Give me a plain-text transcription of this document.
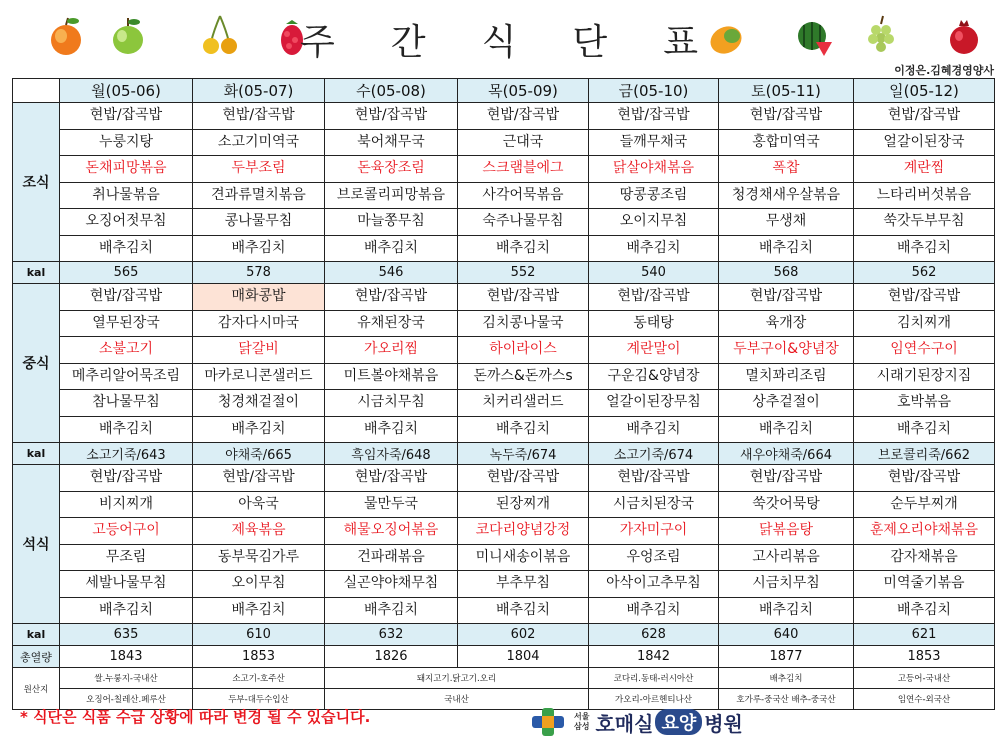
주 간 식 단 표
이정은.김혜경영양사
	월(05-06)	화(05-07)	수(05-08)	목(05-09)	금(05-10)	토(05-11)	일(05-12)
조식	현밥/잡곡밥	현밥/잡곡밥	현밥/잡곡밥	현밥/잡곡밥	현밥/잡곡밥	현밥/잡곡밥	현밥/잡곡밥

	누룽지탕	소고기미역국	북어채무국	근대국	들깨무채국	홍합미역국	얼갈이된장국

	돈채피망볶음	두부조림	돈육장조림	스크램블에그	닭살야채볶음	폭찹	계란찜

	취나물볶음	견과류멸치볶음	브로콜리피망볶음	사각어묵볶음	땅콩콩조림	청경채새우살볶음	느타리버섯볶음

	오징어젓무침	콩나물무침	마늘쫑무침	숙주나물무침	오이지무침	무생채	쑥갓두부무침

	배추김치	배추김치	배추김치	배추김치	배추김치	배추김치	배추김치

kal	565	578	546	552	540	568	562
중식	현밥/잡곡밥	매화콩밥	현밥/잡곡밥	현밥/잡곡밥	현밥/잡곡밥	현밥/잡곡밥	현밥/잡곡밥

	열무된장국	감자다시마국	유채된장국	김치콩나물국	동태탕	육개장	김치찌개

	소불고기	닭갈비	가오리찜	하이라이스	계란말이	두부구이&양념장	임연수구이

	메추리알어묵조림	마카로니콘샐러드	미트볼야채볶음	돈까스&돈까스s	구운김&양념장	멸치꽈리조림	시래기된장지짐

	참나물무침	청경채겉절이	시금치무침	치커리샐러드	얼갈이된장무침	상추겉절이	호박볶음

	배추김치	배추김치	배추김치	배추김치	배추김치	배추김치	배추김치

kal	소고기죽/643	야채죽/665	흑임자죽/648	녹두죽/674	소고기죽/674	새우야채죽/664	브로콜리죽/662
석식	현밥/잡곡밥	현밥/잡곡밥	현밥/잡곡밥	현밥/잡곡밥	현밥/잡곡밥	현밥/잡곡밥	현밥/잡곡밥

	비지찌개	아욱국	물만두국	된장찌개	시금치된장국	쑥갓어묵탕	순두부찌개

	고등어구이	제육볶음	해물오징어볶음	코다리양념강정	가자미구이	닭볶음탕	훈제오리야채볶음

	무조림	동부묵김가루	건파래볶음	미니새송이볶음	우엉조림	고사리볶음	감자채볶음

	세발나물무침	오이무침	실곤약야채무침	부추무침	아삭이고추무침	시금치무침	미역줄기볶음

	배추김치	배추김치	배추김치	배추김치	배추김치	배추김치	배추김치

kal	635	610	632	602	628	640	621
총열량	1843	1853	1826	1804	1842	1877	1853
원산지	쌀.누룽지-국내산	소고기-호주산	돼지고기.닭고기.오리		코다리.동태-러시아산	배추김치	고등어-국내산
	오징어-칠레산.페루산	두부-대두수입산	국내산		가오리-아르헨티나산	호가루-중국산 배추-중국산	임연수-외국산
* 식단은 식품 수급 상황에 따라 변경 될 수 있습니다.	서울
삼성 호매실 요양 병원
